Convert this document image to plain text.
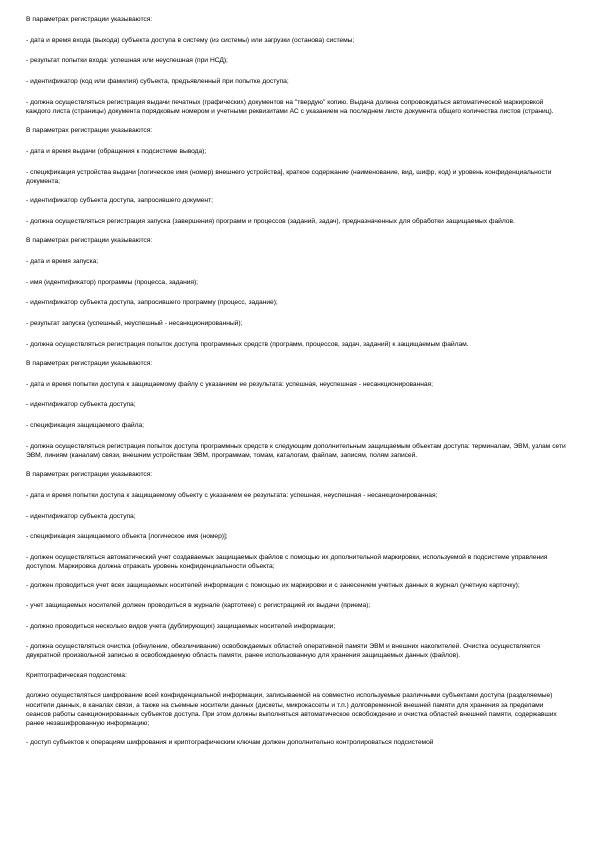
В параметрах регистрации указываются:

- дата и время входа (выхода) субъекта доступа в систему (из системы) или загрузки (останова) системы;

- результат попытки входа: успешная или неуспешная (при НСД);

- идентификатор (код или фамилия) субъекта, предъявленный при попытке доступа;

- должна осуществляться регистрация выдачи печатных (графических) документов на "твердую" копию. Выдача должна сопровождаться автоматической маркировкой каждого листа (страницы) документа порядковым номером и учетными реквизитами АС с указанием на последнем листе документа общего количества листов (страниц).

В параметрах регистрации указываются:

- дата и время выдачи (обращения к подсистеме вывода);

- спецификация устройства выдачи [логическое имя (номер) внешнего устройства], краткое содержание (наименование, вид, шифр, код) и уровень конфиденциальности документа;

- идентификатор субъекта доступа, запросившего документ;

- должна осуществляться регистрация запуска (завершения) программ и процессов (заданий, задач), предназначенных для обработки защищаемых файлов.

В параметрах регистрации указываются:

- дата и время запуска;

- имя (идентификатор) программы (процесса, задания);

- идентификатор субъекта доступа, запросившего программу (процесс, задание);

- результат запуска (успешный, неуспешный - несанкционированный);

- должна осуществляться регистрация попыток доступа программных средств (программ, процессов, задач, заданий) к защищаемым файлам.

В параметрах регистрации указываются:

- дата и время попытки доступа к защищаемому файлу с указанием ее результата: успешная, неуспешная - несанкционированная;

- идентификатор субъекта доступа;

- спецификация защищаемого файла;

- должна осуществляться регистрация попыток доступа программных средств к следующим дополнительным защищаемым объектам доступа: терминалам, ЭВМ, узлам сети ЭВМ, линиям (каналам) связи, внешним устройствам ЭВМ, программам, томам, каталогам, файлам, записям, полям записей.

В параметрах регистрации указываются:

- дата и время попытки доступа к защищаемому объекту с указанием ее результата: успешная, неуспешная - несанкционированная;

- идентификатор субъекта доступа;

- спецификация защищаемого объекта [логическое имя (номер)];

- должен осуществляться автоматический учет создаваемых защищаемых файлов с помощью их дополнительной маркировки, используемой в подсистеме управления доступом. Маркировка должна отражать уровень конфиденциальности объекта;

- должен проводиться учет всех защищаемых носителей информации с помощью их маркировки и с занесением учетных данных в журнал (учетную карточку);

- учет защищаемых носителей должен проводиться в журнале (картотеке) с регистрацией их выдачи (приема);

- должно проводиться несколько видов учета (дублирующих) защищаемых носителей информации;

- должна осуществляться очистка (обнуление, обезличивание) освобождаемых областей оперативной памяти ЭВМ и внешних накопителей. Очистка осуществляется двукратной произвольной записью в освобождаемую область памяти, ранее использованную для хранения защищаемых данных (файлов).

Криптографическая подсистема:

должно осуществляться шифрование всей конфиденциальной информации, записываемой на совместно используемые различными субъектами доступа (разделяемые) носители данных, в каналах связи, а также на съемные носители данных (дискеты, микрокассеты и т.п.) долговременной внешней памяти для хранения за пределами сеансов работы санкционированных субъектов доступа. При этом должны выполняться автоматическое освобождение и очистка областей внешней памяти, содержавших ранее незашифрованную информацию;

- доступ субъектов к операциям шифрования и криптографическим ключам должен дополнительно контролироваться подсистемой
